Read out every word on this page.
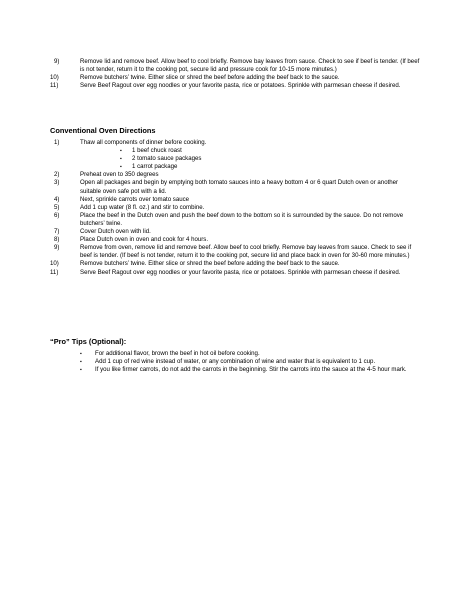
9)	Remove lid and remove beef. Allow beef to cool briefly. Remove bay leaves from sauce. Check to see if beef is tender. (If beef is not tender, return it to the cooking pot, secure lid and pressure cook for 10-15 more minutes.)
10)	Remove butchers’ twine. Either slice or shred the beef before adding the beef back to the sauce.
11)	Serve Beef Ragout over egg noodles or your favorite pasta, rice or potatoes. Sprinkle with parmesan cheese if desired.
Conventional Oven Directions
1)	Thaw all components of dinner before cooking.
▪ 1 beef chuck roast
▪ 2 tomato sauce packages
▪ 1 carrot package
2)	Preheat oven to 350 degrees
3)	Open all packages and begin by emptying both tomato sauces into a heavy bottom 4 or 6 quart Dutch oven or another suitable oven safe pot with a lid.
4)	Next, sprinkle carrots over tomato sauce
5)	Add 1 cup water (8 fl. oz.) and stir to combine.
6)	Place the beef in the Dutch oven and push the beef down to the bottom so it is surrounded by the sauce. Do not remove butchers’ twine.
7)	Cover Dutch oven with lid.
8)	Place Dutch oven in oven and cook for 4 hours.
9)	Remove from oven, remove lid and remove beef. Allow beef to cool briefly. Remove bay leaves from sauce. Check to see if beef is tender. (If beef is not tender, return it to the cooking pot, secure lid and place back in oven for 30-60 more minutes.)
10)	Remove butchers’ twine. Either slice or shred the beef before adding the beef back to the sauce.
11)	Serve Beef Ragout over egg noodles or your favorite pasta, rice or potatoes. Sprinkle with parmesan cheese if desired.
“Pro” Tips (Optional):
▪ For additional flavor, brown the beef in hot oil before cooking.
▪ Add 1 cup of red wine instead of water, or any combination of wine and water that is equivalent to 1 cup.
▪ If you like firmer carrots, do not add the carrots in the beginning. Stir the carrots into the sauce at the 4-5 hour mark.
